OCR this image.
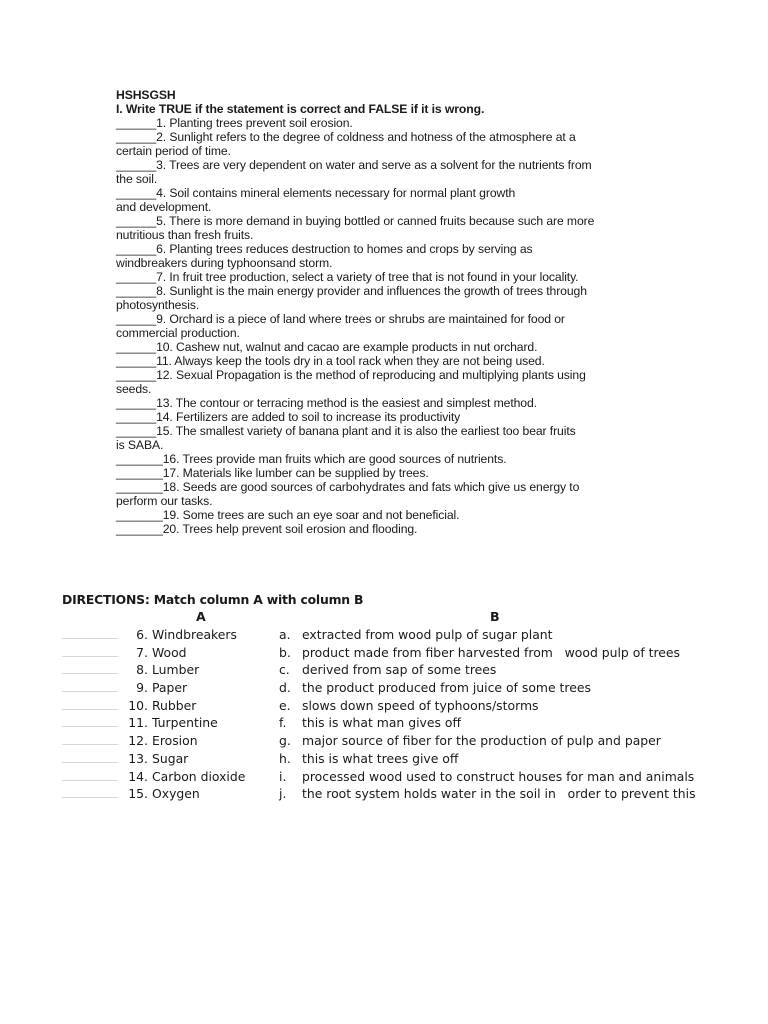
HSHSGSH
I. Write TRUE if the statement is correct and FALSE if it is wrong.
______1. Planting trees prevent soil erosion.
______2. Sunlight refers to the degree of coldness and hotness of the atmosphere at a
certain period of time.
______3. Trees are very dependent on water and serve as a solvent for the nutrients from
the soil.
______4. Soil contains mineral elements necessary for normal plant growth
and development.
______5. There is more demand in buying bottled or canned fruits because such are more
nutritious than fresh fruits.
______6. Planting trees reduces destruction to homes and crops by serving as
windbreakers during typhoonsand storm.
______7. In fruit tree production, select a variety of tree that is not found in your locality.
______8. Sunlight is the main energy provider and influences the growth of trees through
photosynthesis.
______9. Orchard is a piece of land where trees or shrubs are maintained for food or
commercial production.
______10. Cashew nut, walnut and cacao are example products in nut orchard.
______11. Always keep the tools dry in a tool rack when they are not being used.
______12. Sexual Propagation is the method of reproducing and multiplying plants using
seeds.
______13. The contour or terracing method is the easiest and simplest method.
______14. Fertilizers are added to soil to increase its productivity
______15. The smallest variety of banana plant and it is also the earliest too bear fruits
is SABA.
_______16. Trees provide man fruits which are good sources of nutrients.
_______17. Materials like lumber can be supplied by trees.
_______18. Seeds are good sources of carbohydrates and fats which give us energy to
perform our tasks.
_______19. Some trees are such an eye soar and not beneficial.
_______20. Trees help prevent soil erosion and flooding.
DIRECTIONS: Match column A with column B
A	B
6. Windbreakers	a. extracted from wood pulp of sugar plant
7. Wood	b. product made from fiber harvested from   wood pulp of trees
8. Lumber	c. derived from sap of some trees
9. Paper	d. the product produced from juice of some trees
10. Rubber	e. slows down speed of typhoons/storms
11. Turpentine	f.	this is what man gives off
12. Erosion	g. major source of fiber for the production of pulp and paper
13. Sugar	h. this is what trees give off
14. Carbon dioxide	i.	processed wood used to construct houses for man and animals
15. Oxygen	j.	the root system holds water in the soil in   order to prevent this
